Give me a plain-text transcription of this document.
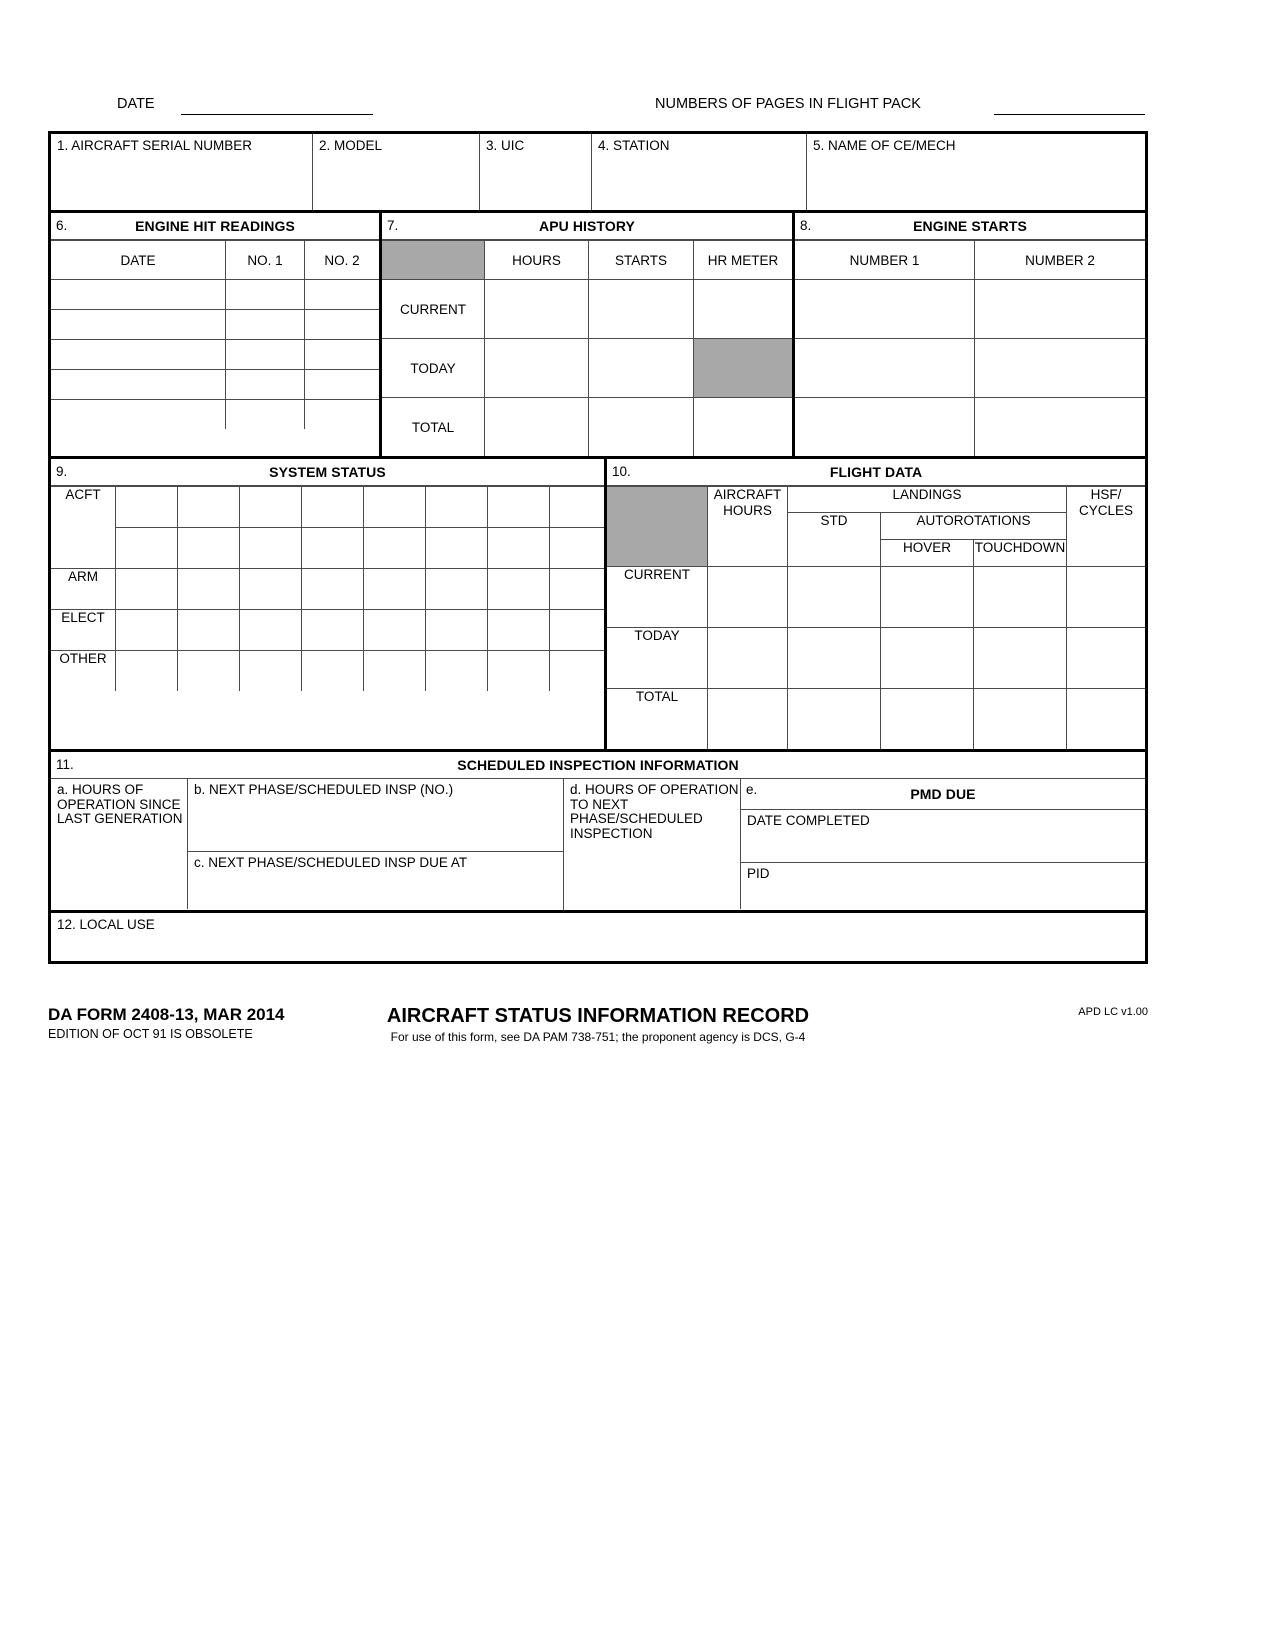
DATE	NUMBERS OF PAGES IN FLIGHT PACK
1. AIRCRAFT SERIAL NUMBER	2. MODEL	3. UIC	4. STATION	5. NAME OF CE/MECH
6.	ENGINE HIT READINGS
DATE	NO. 1	NO. 2

7.	APU HISTORY
	HOURS	STARTS	HR METER
CURRENT			
TODAY			
TOTAL			
8.	ENGINE STARTS
NUMBER 1	NUMBER 2

9.	SYSTEM STATUS
ACFT								

ARM								
ELECT								
OTHER								
10.	FLIGHT DATA
	AIRCRAFT HOURS	LANDINGS			HSF/ CYCLES
		STD	AUTOROTATIONS		
			HOVER	TOUCHDOWN	
CURRENT					
TODAY					
TOTAL					
11.	SCHEDULED INSPECTION INFORMATION
a. HOURS OF OPERATION SINCE LAST GENERATION
b. NEXT PHASE/SCHEDULED INSP (NO.)
c. NEXT PHASE/SCHEDULED INSP DUE AT
d. HOURS OF OPERATION TO NEXT PHASE/SCHEDULED INSPECTION
e.	PMD DUE
DATE COMPLETED
PID
12. LOCAL USE
AIRCRAFT STATUS INFORMATION RECORD
For use of this form, see DA PAM 738-751; the proponent agency is DCS, G-4
DA FORM 2408-13, MAR 2014
EDITION OF OCT 91 IS OBSOLETE
APD LC v1.00
